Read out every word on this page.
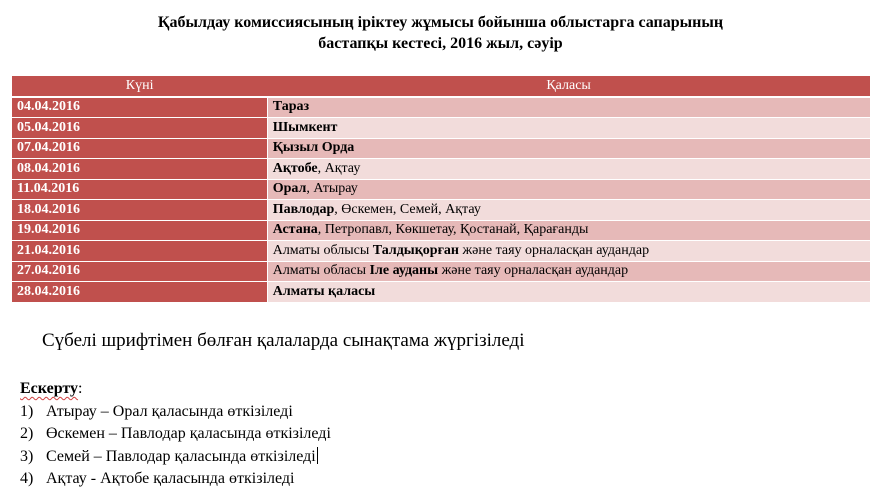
Қабылдау комиссиясының іріктеу жұмысы бойынша облыстарга сапарының
бастапқы кестесі, 2016 жыл, сәуір
Күні	Қаласы
04.04.2016	Тараз
05.04.2016	Шымкент
07.04.2016	Қызыл Орда
08.04.2016	Ақтобе, Ақтау
11.04.2016	Орал, Атырау
18.04.2016	Павлодар, Өскемен, Семей, Ақтау
19.04.2016	Астана, Петропавл, Көкшетау, Қостанай, Қарағанды
21.04.2016	Алматы облысы Талдықорған және таяу орналасқан аудандар
27.04.2016	Алматы обласы Іле ауданы және таяу орналасқан аудандар
28.04.2016	Алматы қаласы
Сүбелі шрифтімен бөлған қалаларда сынақтама жүргізіледі
Ескерту:
1) Атырау – Орал қаласында өткізіледі
2) Өскемен – Павлодар қаласында өткізіледі
3) Семей – Павлодар қаласында өткізіледі
4) Ақтау - Ақтобе қаласында өткізіледі
